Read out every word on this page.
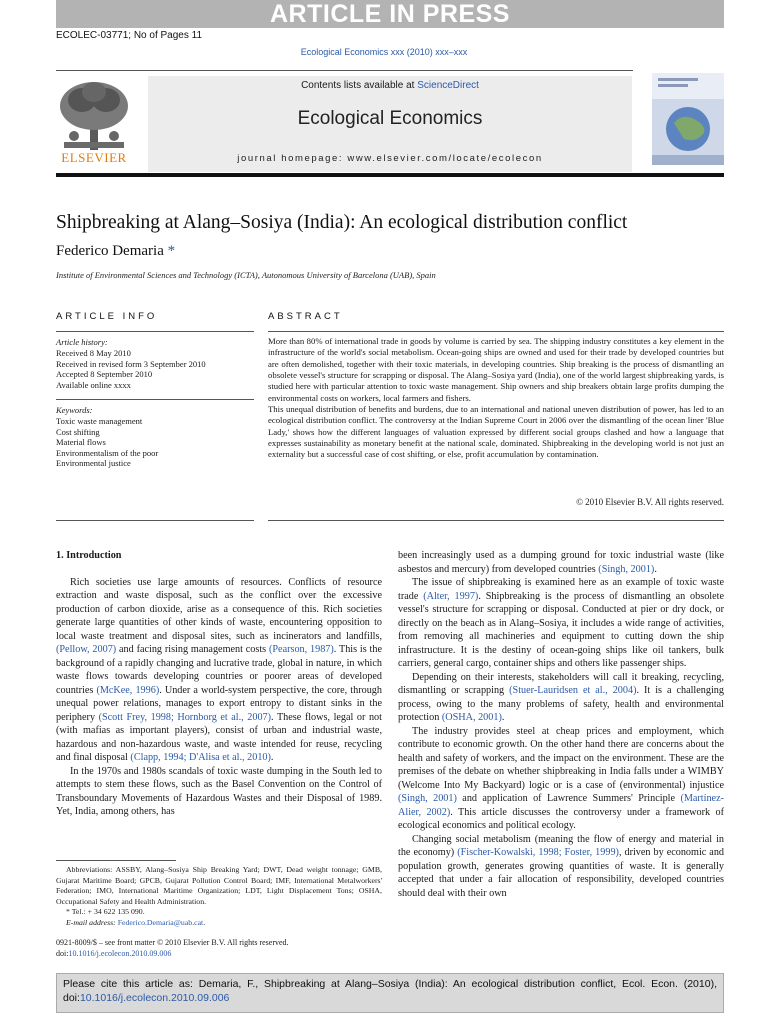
ARTICLE IN PRESS
ECOLEC-03771; No of Pages 11
Ecological Economics xxx (2010) xxx–xxx
ELSEVIER
Contents lists available at ScienceDirect
Ecological Economics
journal homepage: www.elsevier.com/locate/ecolecon
Shipbreaking at Alang–Sosiya (India): An ecological distribution conflict
Federico Demaria *
Institute of Environmental Sciences and Technology (ICTA), Autonomous University of Barcelona (UAB), Spain
ARTICLE INFO	ABSTRACT
Article history:
Received 8 May 2010
Received in revised form 3 September 2010
Accepted 8 September 2010
Available online xxxx
Keywords:
Toxic waste management
Cost shifting
Material flows
Environmentalism of the poor
Environmental justice

More than 80% of international trade in goods by volume is carried by sea. The shipping industry constitutes a key element in the infrastructure of the world's social metabolism. Ocean-going ships are owned and used for their trade by developed countries but are often demolished, together with their toxic materials, in developing countries. Ship breaking is the process of dismantling an obsolete vessel's structure for scrapping or disposal. The Alang–Sosiya yard (India), one of the world largest shipbreaking yards, is studied here with particular attention to toxic waste management. Ship owners and ship breakers obtain large profits dumping the environmental costs on workers, local farmers and fishers.

This unequal distribution of benefits and burdens, due to an international and national uneven distribution of power, has led to an ecological distribution conflict. The controversy at the Indian Supreme Court in 2006 over the dismantling of the ocean liner 'Blue Lady,' shows how the different languages of valuation expressed by different social groups clashed and how a language that expresses sustainability as monetary benefit at the national scale, dominated. Shipbreaking in the developing world is not just an externality but a successful case of cost shifting, or else, profit accumulation by contamination.

© 2010 Elsevier B.V. All rights reserved.

1. Introduction

Rich societies use large amounts of resources. Conflicts of resource extraction and waste disposal, such as the conflict over the excessive production of carbon dioxide, arise as a consequence of this. Rich societies generate large quantities of other kinds of waste, encountering opposition to local waste treatment and disposal sites, such as incinerators and landfills, (Pellow, 2007) and facing rising management costs (Pearson, 1987). This is the background of a rapidly changing and lucrative trade, global in nature, in which waste flows towards developing countries or poorer areas of developed countries (McKee, 1996). Under a world-system perspective, the core, through unequal power relations, manages to export entropy to distant sinks in the periphery (Scott Frey, 1998; Hornborg et al., 2007). These flows, legal or not (with mafias as important players), consist of urban and industrial waste, hazardous and non-hazardous waste, and waste intended for reuse, recycling and final disposal (Clapp, 1994; D'Alisa et al., 2010).

In the 1970s and 1980s scandals of toxic waste dumping in the South led to attempts to stem these flows, such as the Basel Convention on the Control of Transboundary Movements of Hazardous Wastes and their Disposal of 1989. Yet, India, among others, has

been increasingly used as a dumping ground for toxic industrial waste (like asbestos and mercury) from developed countries (Singh, 2001).

The issue of shipbreaking is examined here as an example of toxic waste trade (Alter, 1997). Shipbreaking is the process of dismantling an obsolete vessel's structure for scrapping or disposal. Conducted at pier or dry dock, or directly on the beach as in Alang–Sosiya, it includes a wide range of activities, from removing all machineries and equipment to cutting down the ship infrastructure. It is the destiny of ocean-going ships like oil tankers, bulk carriers, general cargo, container ships and others like passenger ships.

Depending on their interests, stakeholders will call it breaking, recycling, dismantling or scrapping (Stuer-Lauridsen et al., 2004). It is a challenging process, owing to the many problems of safety, health and environmental protection (OSHA, 2001).

The industry provides steel at cheap prices and employment, which contribute to economic growth. On the other hand there are concerns about the health and safety of workers, and the impact on the environment. These are the premises of the debate on whether shipbreaking in India falls under a WIMBY (Welcome Into My Backyard) logic or is a case of (environmental) injustice (Singh, 2001) and application of Lawrence Summers' Principle (Martínez-Alier, 2002). This article discusses the controversy under a framework of ecological economics and political ecology.

Changing social metabolism (meaning the flow of energy and material in the economy) (Fischer-Kowalski, 1998; Foster, 1999), driven by economic and population growth, generates growing quantities of waste. It is generally accepted that under a fair allocation of responsibility, developed countries should deal with their own

Abbreviations: ASSBY, Alang–Sosiya Ship Breaking Yard; DWT, Dead weight tonnage; GMB, Gujarat Maritime Board; GPCB, Gujarat Pollution Control Board; IMF, International Metalworkers' Federation; IMO, International Maritime Organization; LDT, Light Displacement Tons; OSHA, Occupational Safety and Health Administration.

* Tel.: + 34 622 135 090.

E-mail address: Federico.Demaria@uab.cat.

0921-8009/$ – see front matter © 2010 Elsevier B.V. All rights reserved.
doi:10.1016/j.ecolecon.2010.09.006
Please cite this article as: Demaria, F., Shipbreaking at Alang–Sosiya (India): An ecological distribution conflict, Ecol. Econ. (2010), doi:10.1016/j.ecolecon.2010.09.006
